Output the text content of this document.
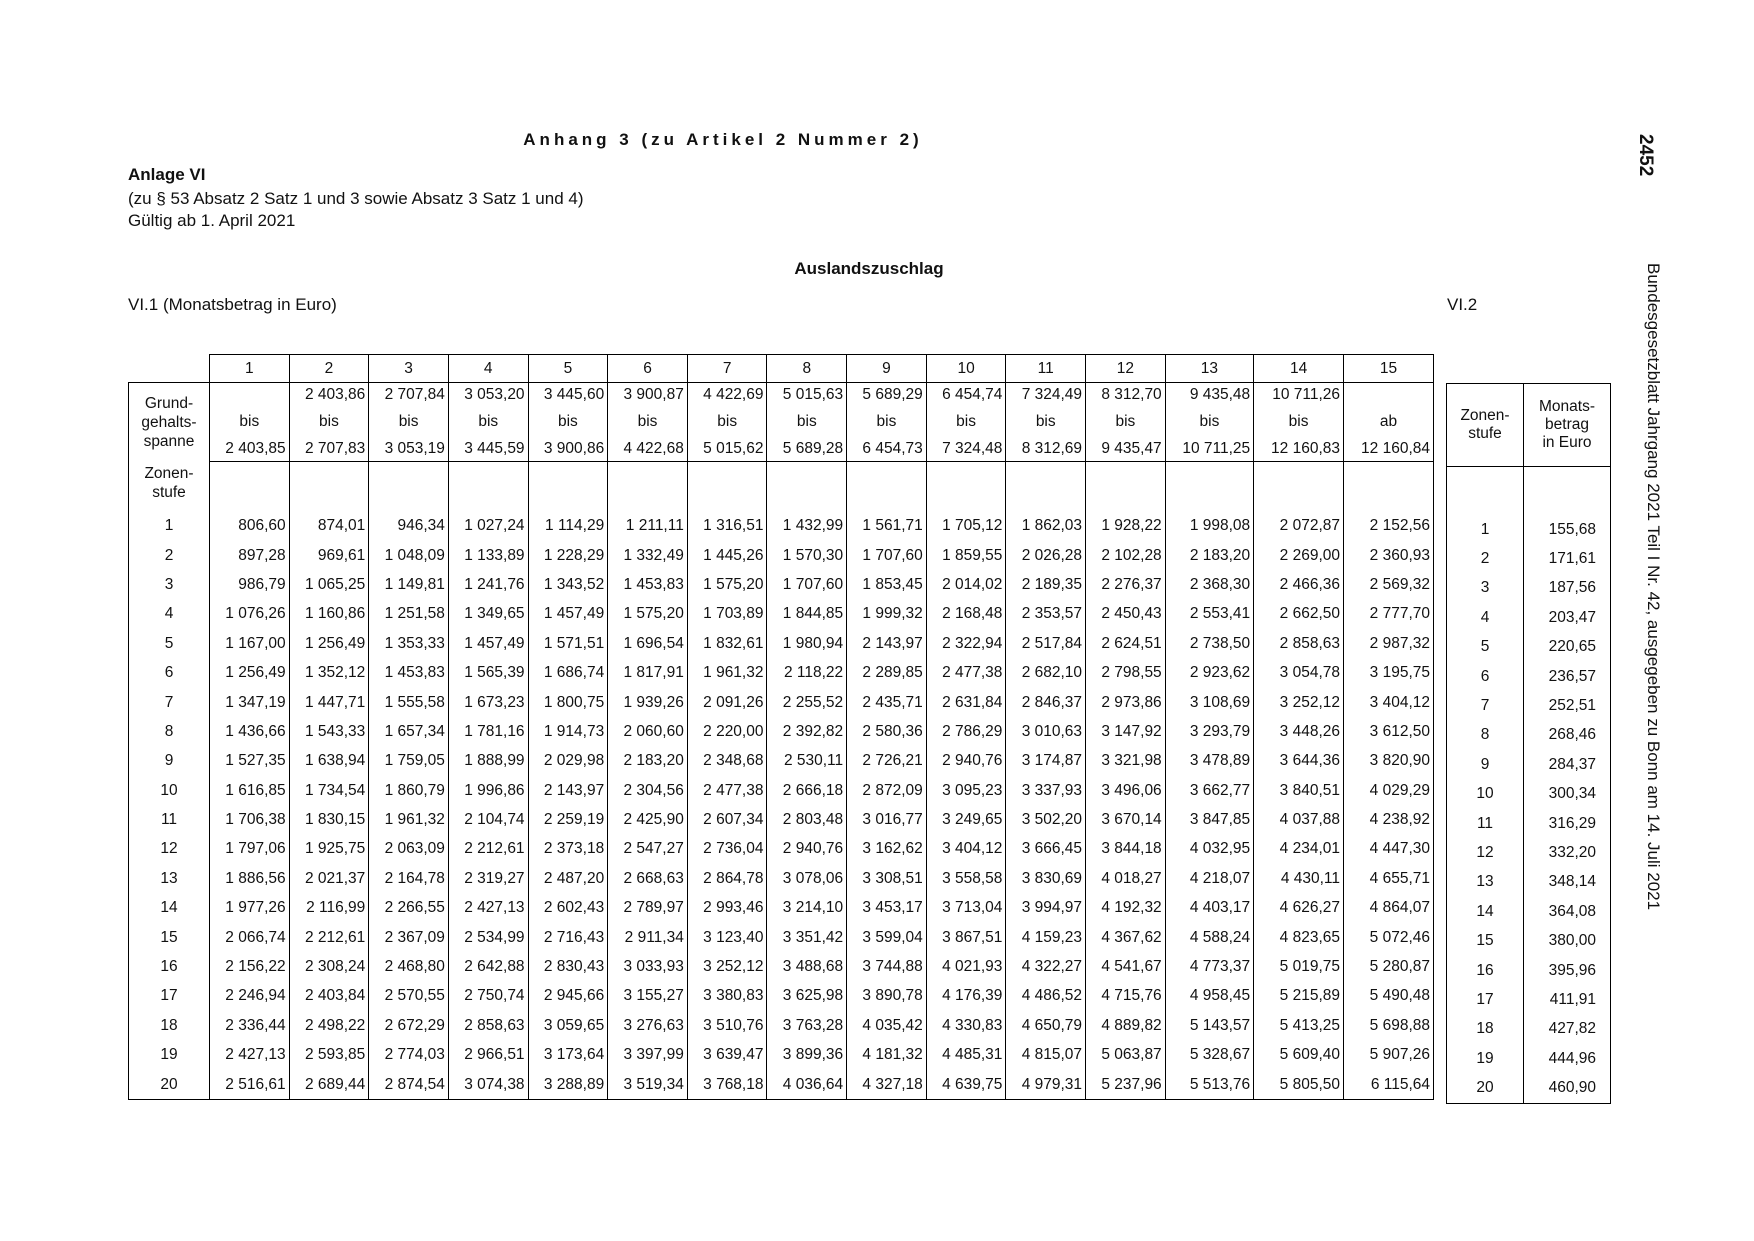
Anhang 3 (zu Artikel 2 Nummer 2)
Anlage VI
(zu § 53 Absatz 2 Satz 1 und 3 sowie Absatz 3 Satz 1 und 4)
Gültig ab 1. April 2021
Auslandszuschlag
VI.1 (Monatsbetrag in Euro)	VI.2
2452
Bundesgesetzblatt Jahrgang 2021 Teil I Nr. 42, ausgegeben zu Bonn am 14. Juli 2021
	1	2	3	4	5	6	7	8	9	10	11	12	13	14	15
Grund-
gehalts-
spanne		2 403,86	2 707,84	3 053,20	3 445,60	3 900,87	4 422,69	5 015,63	5 689,29	6 454,74	7 324,49	8 312,70	9 435,48	10 711,26	
	bis	bis	bis	bis	bis	bis	bis	bis	bis	bis	bis	bis	bis	bis	ab
	2 403,85	2 707,83	3 053,19	3 445,59	3 900,86	4 422,68	5 015,62	5 689,28	6 454,73	7 324,48	8 312,69	9 435,47	10 711,25	12 160,83	12 160,84
Zonen-
stufe															
1	806,60	874,01	946,34	1 027,24	1 114,29	1 211,11	1 316,51	1 432,99	1 561,71	1 705,12	1 862,03	1 928,22	1 998,08	2 072,87	2 152,56
2	897,28	969,61	1 048,09	1 133,89	1 228,29	1 332,49	1 445,26	1 570,30	1 707,60	1 859,55	2 026,28	2 102,28	2 183,20	2 269,00	2 360,93
3	986,79	1 065,25	1 149,81	1 241,76	1 343,52	1 453,83	1 575,20	1 707,60	1 853,45	2 014,02	2 189,35	2 276,37	2 368,30	2 466,36	2 569,32
4	1 076,26	1 160,86	1 251,58	1 349,65	1 457,49	1 575,20	1 703,89	1 844,85	1 999,32	2 168,48	2 353,57	2 450,43	2 553,41	2 662,50	2 777,70
5	1 167,00	1 256,49	1 353,33	1 457,49	1 571,51	1 696,54	1 832,61	1 980,94	2 143,97	2 322,94	2 517,84	2 624,51	2 738,50	2 858,63	2 987,32
6	1 256,49	1 352,12	1 453,83	1 565,39	1 686,74	1 817,91	1 961,32	2 118,22	2 289,85	2 477,38	2 682,10	2 798,55	2 923,62	3 054,78	3 195,75
7	1 347,19	1 447,71	1 555,58	1 673,23	1 800,75	1 939,26	2 091,26	2 255,52	2 435,71	2 631,84	2 846,37	2 973,86	3 108,69	3 252,12	3 404,12
8	1 436,66	1 543,33	1 657,34	1 781,16	1 914,73	2 060,60	2 220,00	2 392,82	2 580,36	2 786,29	3 010,63	3 147,92	3 293,79	3 448,26	3 612,50
9	1 527,35	1 638,94	1 759,05	1 888,99	2 029,98	2 183,20	2 348,68	2 530,11	2 726,21	2 940,76	3 174,87	3 321,98	3 478,89	3 644,36	3 820,90
10	1 616,85	1 734,54	1 860,79	1 996,86	2 143,97	2 304,56	2 477,38	2 666,18	2 872,09	3 095,23	3 337,93	3 496,06	3 662,77	3 840,51	4 029,29
11	1 706,38	1 830,15	1 961,32	2 104,74	2 259,19	2 425,90	2 607,34	2 803,48	3 016,77	3 249,65	3 502,20	3 670,14	3 847,85	4 037,88	4 238,92
12	1 797,06	1 925,75	2 063,09	2 212,61	2 373,18	2 547,27	2 736,04	2 940,76	3 162,62	3 404,12	3 666,45	3 844,18	4 032,95	4 234,01	4 447,30
13	1 886,56	2 021,37	2 164,78	2 319,27	2 487,20	2 668,63	2 864,78	3 078,06	3 308,51	3 558,58	3 830,69	4 018,27	4 218,07	4 430,11	4 655,71
14	1 977,26	2 116,99	2 266,55	2 427,13	2 602,43	2 789,97	2 993,46	3 214,10	3 453,17	3 713,04	3 994,97	4 192,32	4 403,17	4 626,27	4 864,07
15	2 066,74	2 212,61	2 367,09	2 534,99	2 716,43	2 911,34	3 123,40	3 351,42	3 599,04	3 867,51	4 159,23	4 367,62	4 588,24	4 823,65	5 072,46
16	2 156,22	2 308,24	2 468,80	2 642,88	2 830,43	3 033,93	3 252,12	3 488,68	3 744,88	4 021,93	4 322,27	4 541,67	4 773,37	5 019,75	5 280,87
17	2 246,94	2 403,84	2 570,55	2 750,74	2 945,66	3 155,27	3 380,83	3 625,98	3 890,78	4 176,39	4 486,52	4 715,76	4 958,45	5 215,89	5 490,48
18	2 336,44	2 498,22	2 672,29	2 858,63	3 059,65	3 276,63	3 510,76	3 763,28	4 035,42	4 330,83	4 650,79	4 889,82	5 143,57	5 413,25	5 698,88
19	2 427,13	2 593,85	2 774,03	2 966,51	3 173,64	3 397,99	3 639,47	3 899,36	4 181,32	4 485,31	4 815,07	5 063,87	5 328,67	5 609,40	5 907,26
20	2 516,61	2 689,44	2 874,54	3 074,38	3 288,89	3 519,34	3 768,18	4 036,64	4 327,18	4 639,75	4 979,31	5 237,96	5 513,76	5 805,50	6 115,64
Zonen-
stufe	Monats-
betrag
in Euro

1	155,68
2	171,61
3	187,56
4	203,47
5	220,65
6	236,57
7	252,51
8	268,46
9	284,37
10	300,34
11	316,29
12	332,20
13	348,14
14	364,08
15	380,00
16	395,96
17	411,91
18	427,82
19	444,96
20	460,90
